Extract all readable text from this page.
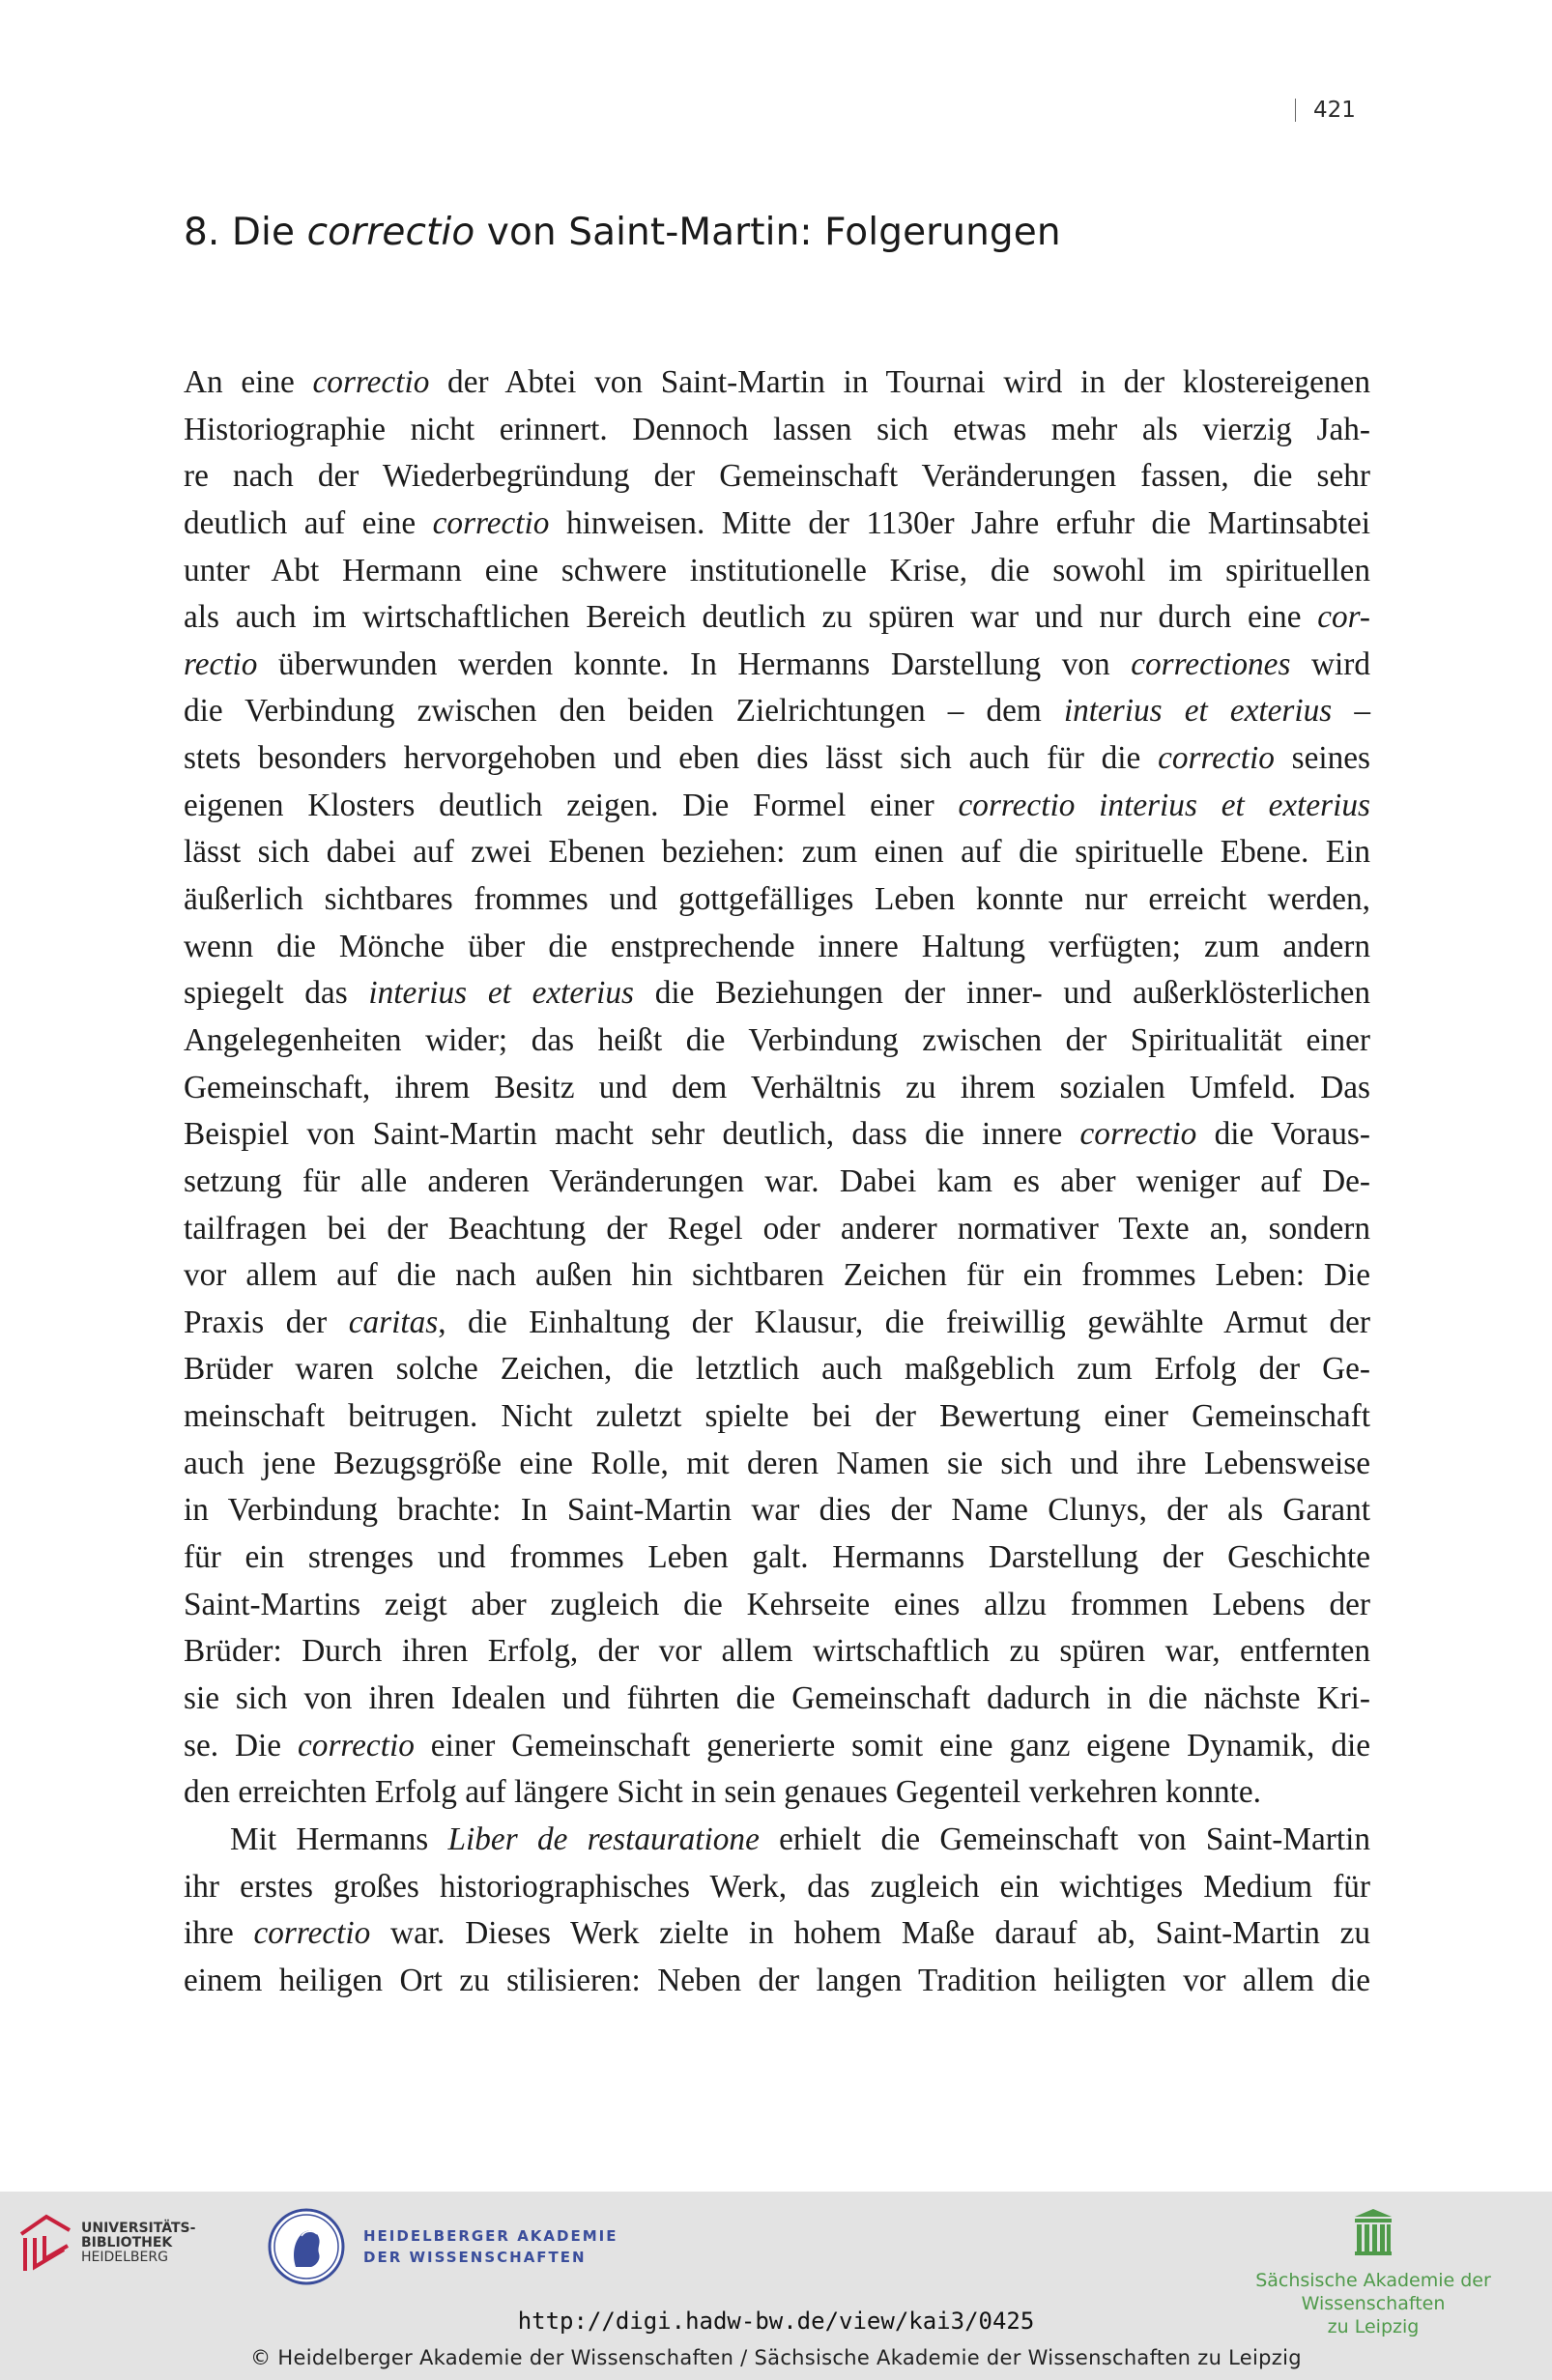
421
8. Die correctio von Saint-Martin: Folgerungen
An eine correctio der Abtei von Saint-Martin in Tournai wird in der klostereigenen
Historiographie nicht erinnert. Dennoch lassen sich etwas mehr als vierzig Jah-
re nach der Wiederbegründung der Gemeinschaft Veränderungen fassen, die sehr
deutlich auf eine correctio hinweisen. Mitte der 1130er Jahre erfuhr die Martinsabtei
unter Abt Hermann eine schwere institutionelle Krise, die sowohl im spirituellen
als auch im wirtschaftlichen Bereich deutlich zu spüren war und nur durch eine cor-
rectio überwunden werden konnte. In Hermanns Darstellung von correctiones wird
die Verbindung zwischen den beiden Zielrichtungen – dem interius et exterius –
stets besonders hervorgehoben und eben dies lässt sich auch für die correctio seines
eigenen Klosters deutlich zeigen. Die Formel einer correctio interius et exterius
lässt sich dabei auf zwei Ebenen beziehen: zum einen auf die spirituelle Ebene. Ein
äußerlich sichtbares frommes und gottgefälliges Leben konnte nur erreicht werden,
wenn die Mönche über die enstprechende innere Haltung verfügten; zum andern
spiegelt das interius et exterius die Beziehungen der inner- und außerklösterlichen
Angelegenheiten wider; das heißt die Verbindung zwischen der Spiritualität einer
Gemeinschaft, ihrem Besitz und dem Verhältnis zu ihrem sozialen Umfeld. Das
Beispiel von Saint-Martin macht sehr deutlich, dass die innere correctio die Voraus-
setzung für alle anderen Veränderungen war. Dabei kam es aber weniger auf De-
tailfragen bei der Beachtung der Regel oder anderer normativer Texte an, sondern
vor allem auf die nach außen hin sichtbaren Zeichen für ein frommes Leben: Die
Praxis der caritas, die Einhaltung der Klausur, die freiwillig gewählte Armut der
Brüder waren solche Zeichen, die letztlich auch maßgeblich zum Erfolg der Ge-
meinschaft beitrugen. Nicht zuletzt spielte bei der Bewertung einer Gemeinschaft
auch jene Bezugsgröße eine Rolle, mit deren Namen sie sich und ihre Lebensweise
in Verbindung brachte: In Saint-Martin war dies der Name Clunys, der als Garant
für ein strenges und frommes Leben galt. Hermanns Darstellung der Geschichte
Saint-Martins zeigt aber zugleich die Kehrseite eines allzu frommen Lebens der
Brüder: Durch ihren Erfolg, der vor allem wirtschaftlich zu spüren war, entfernten
sie sich von ihren Idealen und führten die Gemeinschaft dadurch in die nächste Kri-
se. Die correctio einer Gemeinschaft generierte somit eine ganz eigene Dynamik, die
den erreichten Erfolg auf längere Sicht in sein genaues Gegenteil verkehren konnte.
Mit Hermanns Liber de restauratione erhielt die Gemeinschaft von Saint-Martin
ihr erstes großes historiographisches Werk, das zugleich ein wichtiges Medium für
ihre correctio war. Dieses Werk zielte in hohem Maße darauf ab, Saint-Martin zu
einem heiligen Ort zu stilisieren: Neben der langen Tradition heiligten vor allem die
UNIVERSITÄTS-
BIBLIOTHEK
HEIDELBERG
HEIDELBERGER AKADEMIE
DER WISSENSCHAFTEN
Sächsische Akademie der Wissenschaften
zu Leipzig
http://digi.hadw-bw.de/view/kai3/0425
© Heidelberger Akademie der Wissenschaften / Sächsische Akademie der Wissenschaften zu Leipzig
